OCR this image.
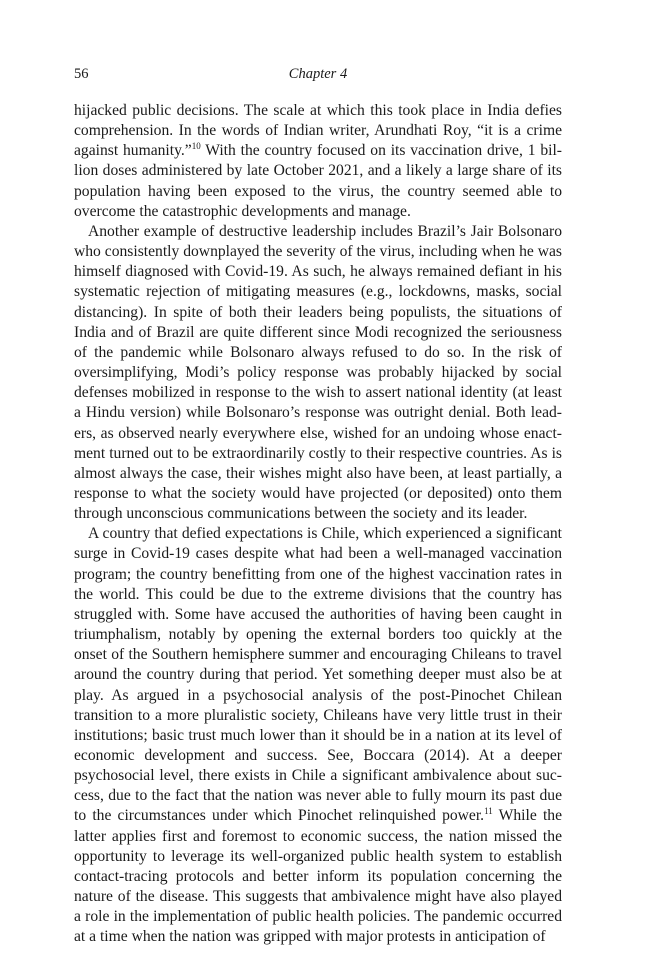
56	Chapter 4

hijacked public decisions. The scale at which this took place in India defies comprehension. In the words of Indian writer, Arundhati Roy, “it is a crime against humanity.”$^{10}$ With the country focused on its vaccination drive, 1 billion doses administered by late October 2021, and a likely a large share of its population having been exposed to the virus, the country seemed able to overcome the catastrophic developments and manage.

Another example of destructive leadership includes Brazil’s Jair Bolsonaro who consistently downplayed the severity of the virus, including when he was himself diagnosed with Covid-19. As such, he always remained defiant in his systematic rejection of mitigating measures (e.g., lockdowns, masks, social distancing). In spite of both their leaders being populists, the situations of India and of Brazil are quite different since Modi recognized the seriousness of the pandemic while Bolsonaro always refused to do so. In the risk of oversimplifying, Modi’s policy response was probably hijacked by social defenses mobilized in response to the wish to assert national identity (at least a Hindu version) while Bolsonaro’s response was outright denial. Both leaders, as observed nearly everywhere else, wished for an undoing whose enactment turned out to be extraordinarily costly to their respective countries. As is almost always the case, their wishes might also have been, at least partially, a response to what the society would have projected (or deposited) onto them through unconscious communications between the society and its leader.

A country that defied expectations is Chile, which experienced a significant surge in Covid-19 cases despite what had been a well-managed vaccination program; the country benefitting from one of the highest vaccination rates in the world. This could be due to the extreme divisions that the country has struggled with. Some have accused the authorities of having been caught in triumphalism, notably by opening the external borders too quickly at the onset of the Southern hemisphere summer and encouraging Chileans to travel around the country during that period. Yet something deeper must also be at play. As argued in a psychosocial analysis of the post-Pinochet Chilean transition to a more pluralistic society, Chileans have very little trust in their institutions; basic trust much lower than it should be in a nation at its level of economic development and success. See, Boccara (2014). At a deeper psychosocial level, there exists in Chile a significant ambivalence about success, due to the fact that the nation was never able to fully mourn its past due to the circumstances under which Pinochet relinquished power.$^{11}$ While the latter applies first and foremost to economic success, the nation missed the opportunity to leverage its well-organized public health system to establish contact-tracing protocols and better inform its population concerning the nature of the disease. This suggests that ambivalence might have also played a role in the implementation of public health policies. The pandemic occurred at a time when the nation was gripped with major protests in anticipation of
